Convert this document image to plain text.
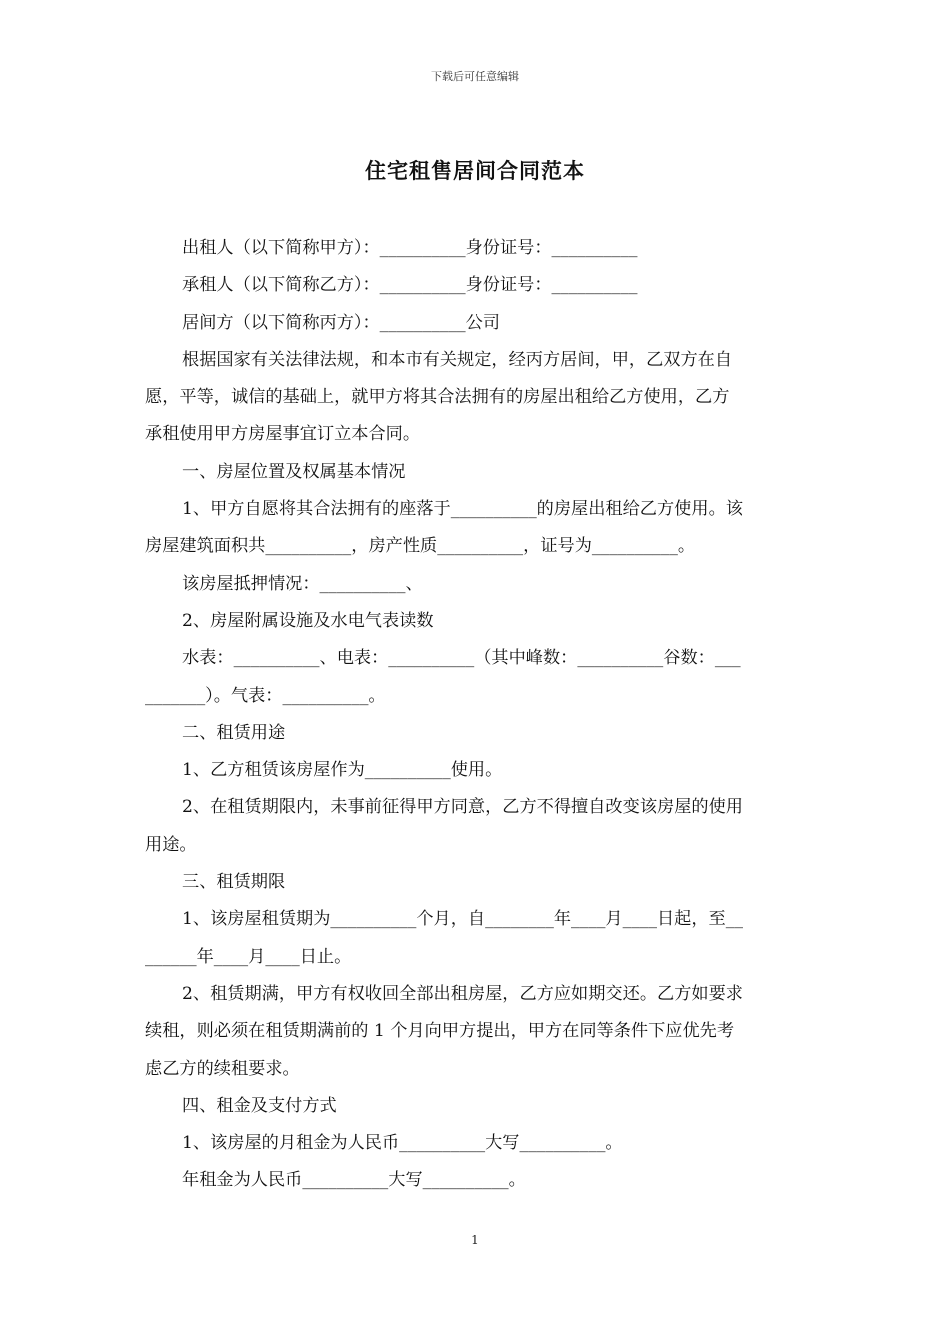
下载后可任意编辑
住宅租售居间合同范本

出租人（以下简称甲方）：__________身份证号：__________

承租人（以下简称乙方）：__________身份证号：__________

居间方（以下简称丙方）：__________公司

根据国家有关法律法规，和本市有关规定，经丙方居间，甲，乙双方在自

愿，平等，诚信的基础上，就甲方将其合法拥有的房屋出租给乙方使用，乙方

承租使用甲方房屋事宜订立本合同。

一、房屋位置及权属基本情况

1、甲方自愿将其合法拥有的座落于__________的房屋出租给乙方使用。该

房屋建筑面积共__________，房产性质__________，证号为__________。

该房屋抵押情况：__________、

2、房屋附属设施及水电气表读数

水表：__________、电表：__________（其中峰数：__________谷数：___

_______）。气表：__________。

二、租赁用途

1、乙方租赁该房屋作为__________使用。

2、在租赁期限内，未事前征得甲方同意，乙方不得擅自改变该房屋的使用

用途。

三、租赁期限

1、该房屋租赁期为__________个月，自________年____月____日起，至__

______年____月____日止。

2、租赁期满，甲方有权收回全部出租房屋，乙方应如期交还。乙方如要求

续租，则必须在租赁期满前的 1 个月向甲方提出，甲方在同等条件下应优先考

虑乙方的续租要求。

四、租金及支付方式

1、该房屋的月租金为人民币__________大写__________。

年租金为人民币__________大写__________。

1
